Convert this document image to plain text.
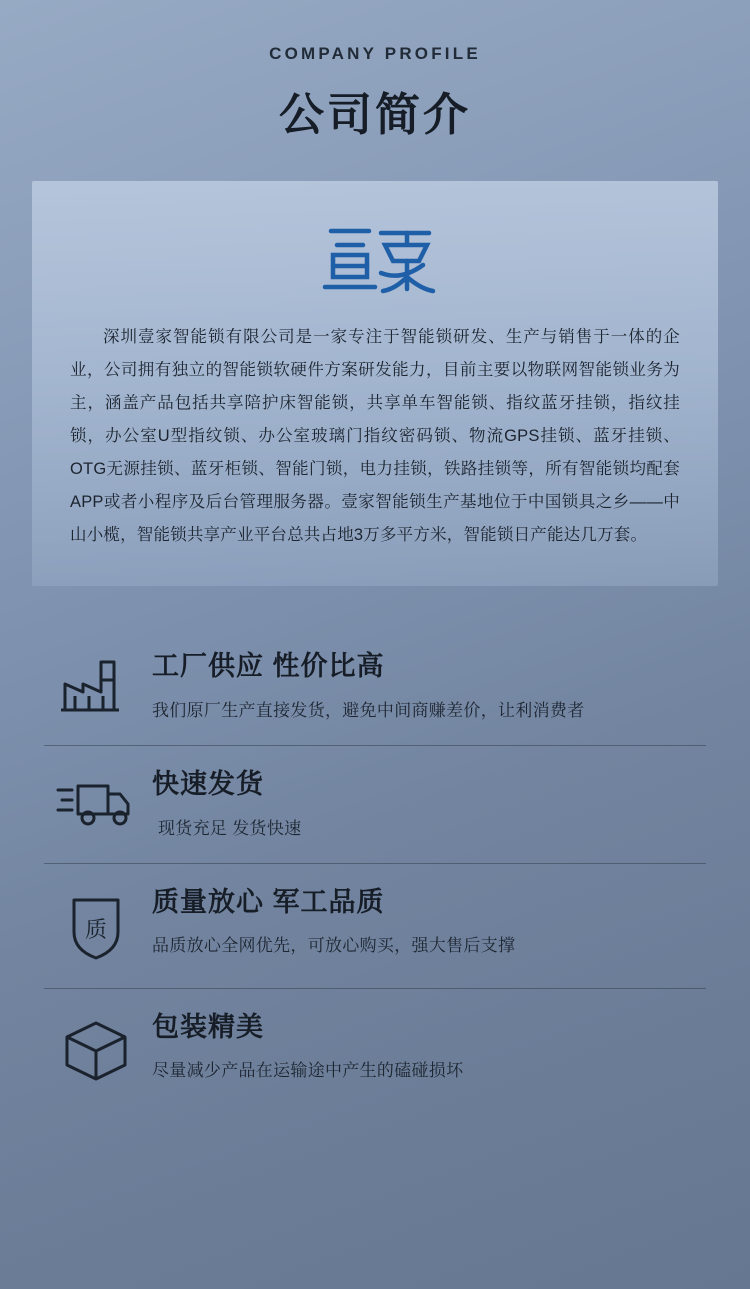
COMPANY PROFILE
公司简介

深圳壹家智能锁有限公司是一家专注于智能锁研发、生产与销售于一体的企业，公司拥有独立的智能锁软硬件方案研发能力，目前主要以物联网智能锁业务为主，涵盖产品包括共享陪护床智能锁，共享单车智能锁、指纹蓝牙挂锁，指纹挂锁，办公室U型指纹锁、办公室玻璃门指纹密码锁、物流GPS挂锁、蓝牙挂锁、OTG无源挂锁、蓝牙柜锁、智能门锁，电力挂锁，铁路挂锁等，所有智能锁均配套APP或者小程序及后台管理服务器。壹家智能锁生产基地位于中国锁具之乡——中山小榄，智能锁共享产业平台总共占地3万多平方米，智能锁日产能达几万套。

工厂供应 性价比高
我们原厂生产直接发货，避免中间商赚差价，让利消费者
快速发货
现货充足 发货快速
质
质量放心 军工品质
品质放心全网优先，可放心购买，强大售后支撑
包装精美
尽量减少产品在运输途中产生的磕碰损坏
